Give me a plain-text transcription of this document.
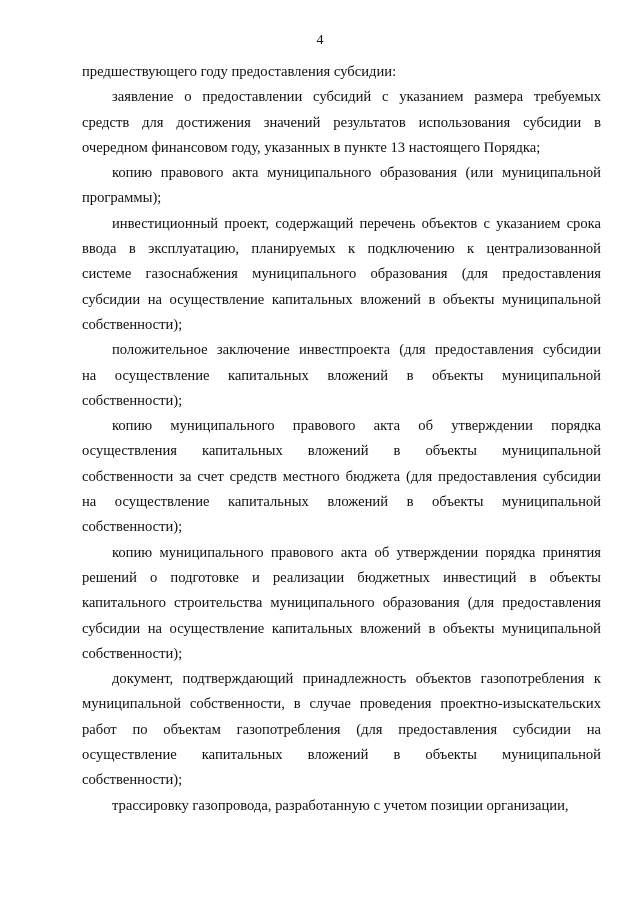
4
предшествующего году предоставления субсидии:
заявление о предоставлении субсидий с указанием размера требуемых
средств для достижения значений результатов использования субсидии в
очередном финансовом году, указанных в пункте 13 настоящего Порядка;
копию правового акта муниципального образования (или муниципальной
программы);
инвестиционный проект, содержащий перечень объектов с указанием срока
ввода в эксплуатацию, планируемых к подключению к централизованной
системе газоснабжения муниципального образования (для предоставления
субсидии на осуществление капитальных вложений в объекты муниципальной
собственности);
положительное заключение инвестпроекта (для предоставления субсидии
на осуществление капитальных вложений в объекты муниципальной
собственности);
копию муниципального правового акта об утверждении порядка
осуществления капитальных вложений в объекты муниципальной
собственности за счет средств местного бюджета (для предоставления субсидии
на осуществление капитальных вложений в объекты муниципальной
собственности);
копию муниципального правового акта об утверждении порядка принятия
решений о подготовке и реализации бюджетных инвестиций в объекты
капитального строительства муниципального образования (для предоставления
субсидии на осуществление капитальных вложений в объекты муниципальной
собственности);
документ, подтверждающий принадлежность объектов газопотребления к
муниципальной собственности, в случае проведения проектно-изыскательских
работ по объектам газопотребления (для предоставления субсидии на
осуществление капитальных вложений в объекты муниципальной
собственности);
трассировку газопровода, разработанную с учетом позиции организации,
